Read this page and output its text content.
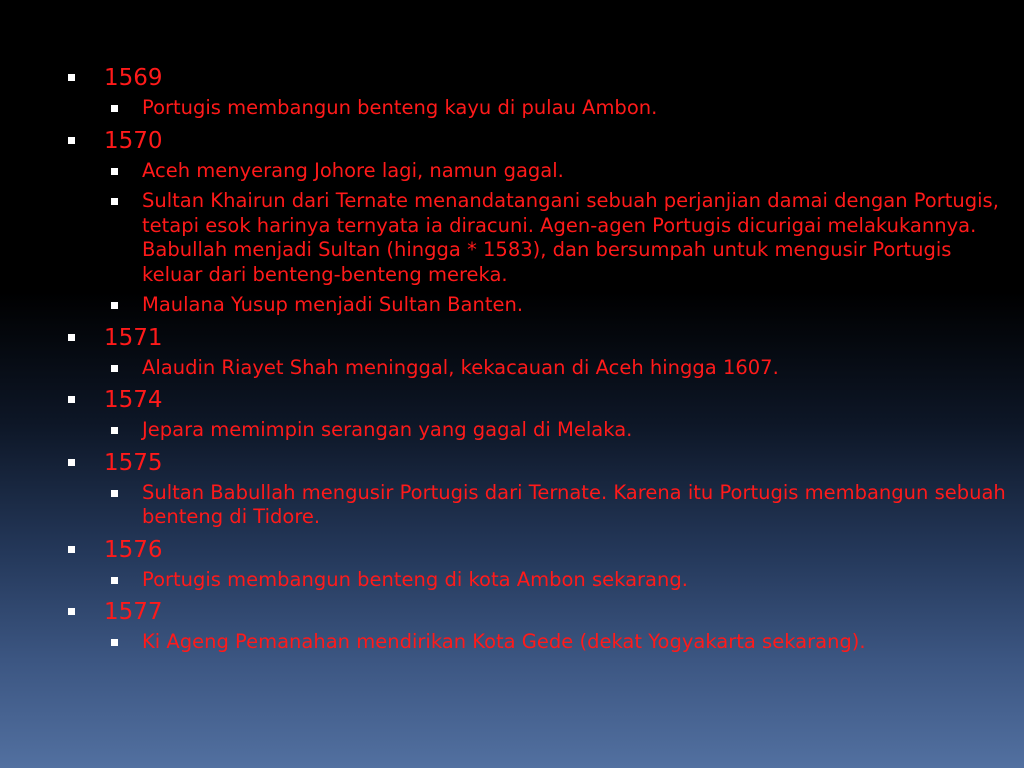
1569
Portugis membangun benteng kayu di pulau Ambon.
1570
Aceh menyerang Johore lagi, namun gagal.
Sultan Khairun dari Ternate menandatangani sebuah perjanjian damai dengan Portugis, tetapi esok harinya ternyata ia diracuni. Agen-agen Portugis dicurigai melakukannya. Babullah menjadi Sultan (hingga * 1583), dan bersumpah untuk mengusir Portugis keluar dari benteng-benteng mereka.
Maulana Yusup menjadi Sultan Banten.
1571
Alaudin Riayet Shah meninggal, kekacauan di Aceh hingga 1607.
1574
Jepara memimpin serangan yang gagal di Melaka.
1575
Sultan Babullah mengusir Portugis dari Ternate. Karena itu Portugis membangun sebuah benteng di Tidore.
1576
Portugis membangun benteng di kota Ambon sekarang.
1577
Ki Ageng Pemanahan mendirikan Kota Gede (dekat Yogyakarta sekarang).
